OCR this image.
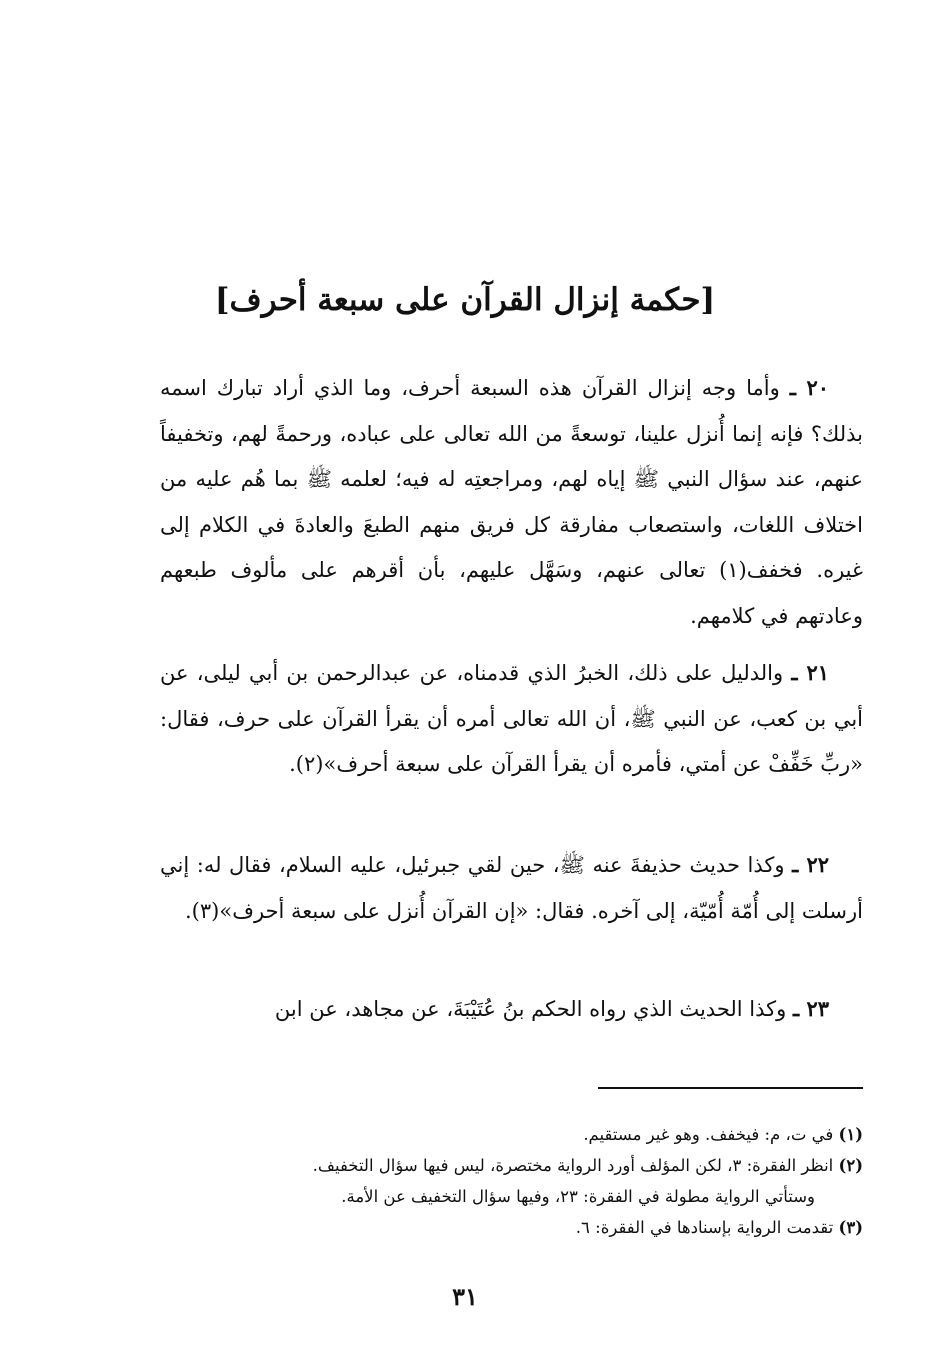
[حكمة إنزال القرآن على سبعة أحرف]

٢٠ ـ وأما وجه إنزال القرآن هذه السبعة أحرف، وما الذي أراد تبارك اسمه بذلك؟ فإنه إنما أُنزل علينا، توسعةً من الله تعالى على عباده، ورحمةً لهم، وتخفيفاً عنهم، عند سؤال النبي ﷺ إياه لهم، ومراجعتِه له فيه؛ لعلمه ﷺ بما هُم عليه من اختلاف اللغات، واستصعاب مفارقة كل فريق منهم الطبعَ والعادةَ في الكلام إلى غيره. فخفف(١) تعالى عنهم، وسَهَّل عليهم، بأن أقرهم على مألوف طبعهم وعادتهم في كلامهم.

٢١ ـ والدليل على ذلك، الخبرُ الذي قدمناه، عن عبدالرحمن بن أبي ليلى، عن أبي بن كعب، عن النبي ﷺ، أن الله تعالى أمره أن يقرأ القرآن على حرف، فقال: «ربِّ خَفِّفْ عن أمتي، فأمره أن يقرأ القرآن على سبعة أحرف»(٢).

٢٢ ـ وكذا حديث حذيفةَ عنه ﷺ، حين لقي جبرئيل، عليه السلام، فقال له: إني أرسلت إلى أُمّة أُمّيّة، إلى آخره. فقال: «إن القرآن أُنزل على سبعة أحرف»(٣).

٢٣ ـ وكذا الحديث الذي رواه الحكم بنُ عُتَيْبَةَ، عن مجاهد، عن ابن

(١) في ت، م: فيخفف. وهو غير مستقيم.

(٢) انظر الفقرة: ٣، لكن المؤلف أورد الرواية مختصرة، ليس فيها سؤال التخفيف.

وستأتي الرواية مطولة في الفقرة: ٢٣، وفيها سؤال التخفيف عن الأمة.

(٣) تقدمت الرواية بإسنادها في الفقرة: ٦.

٣١
